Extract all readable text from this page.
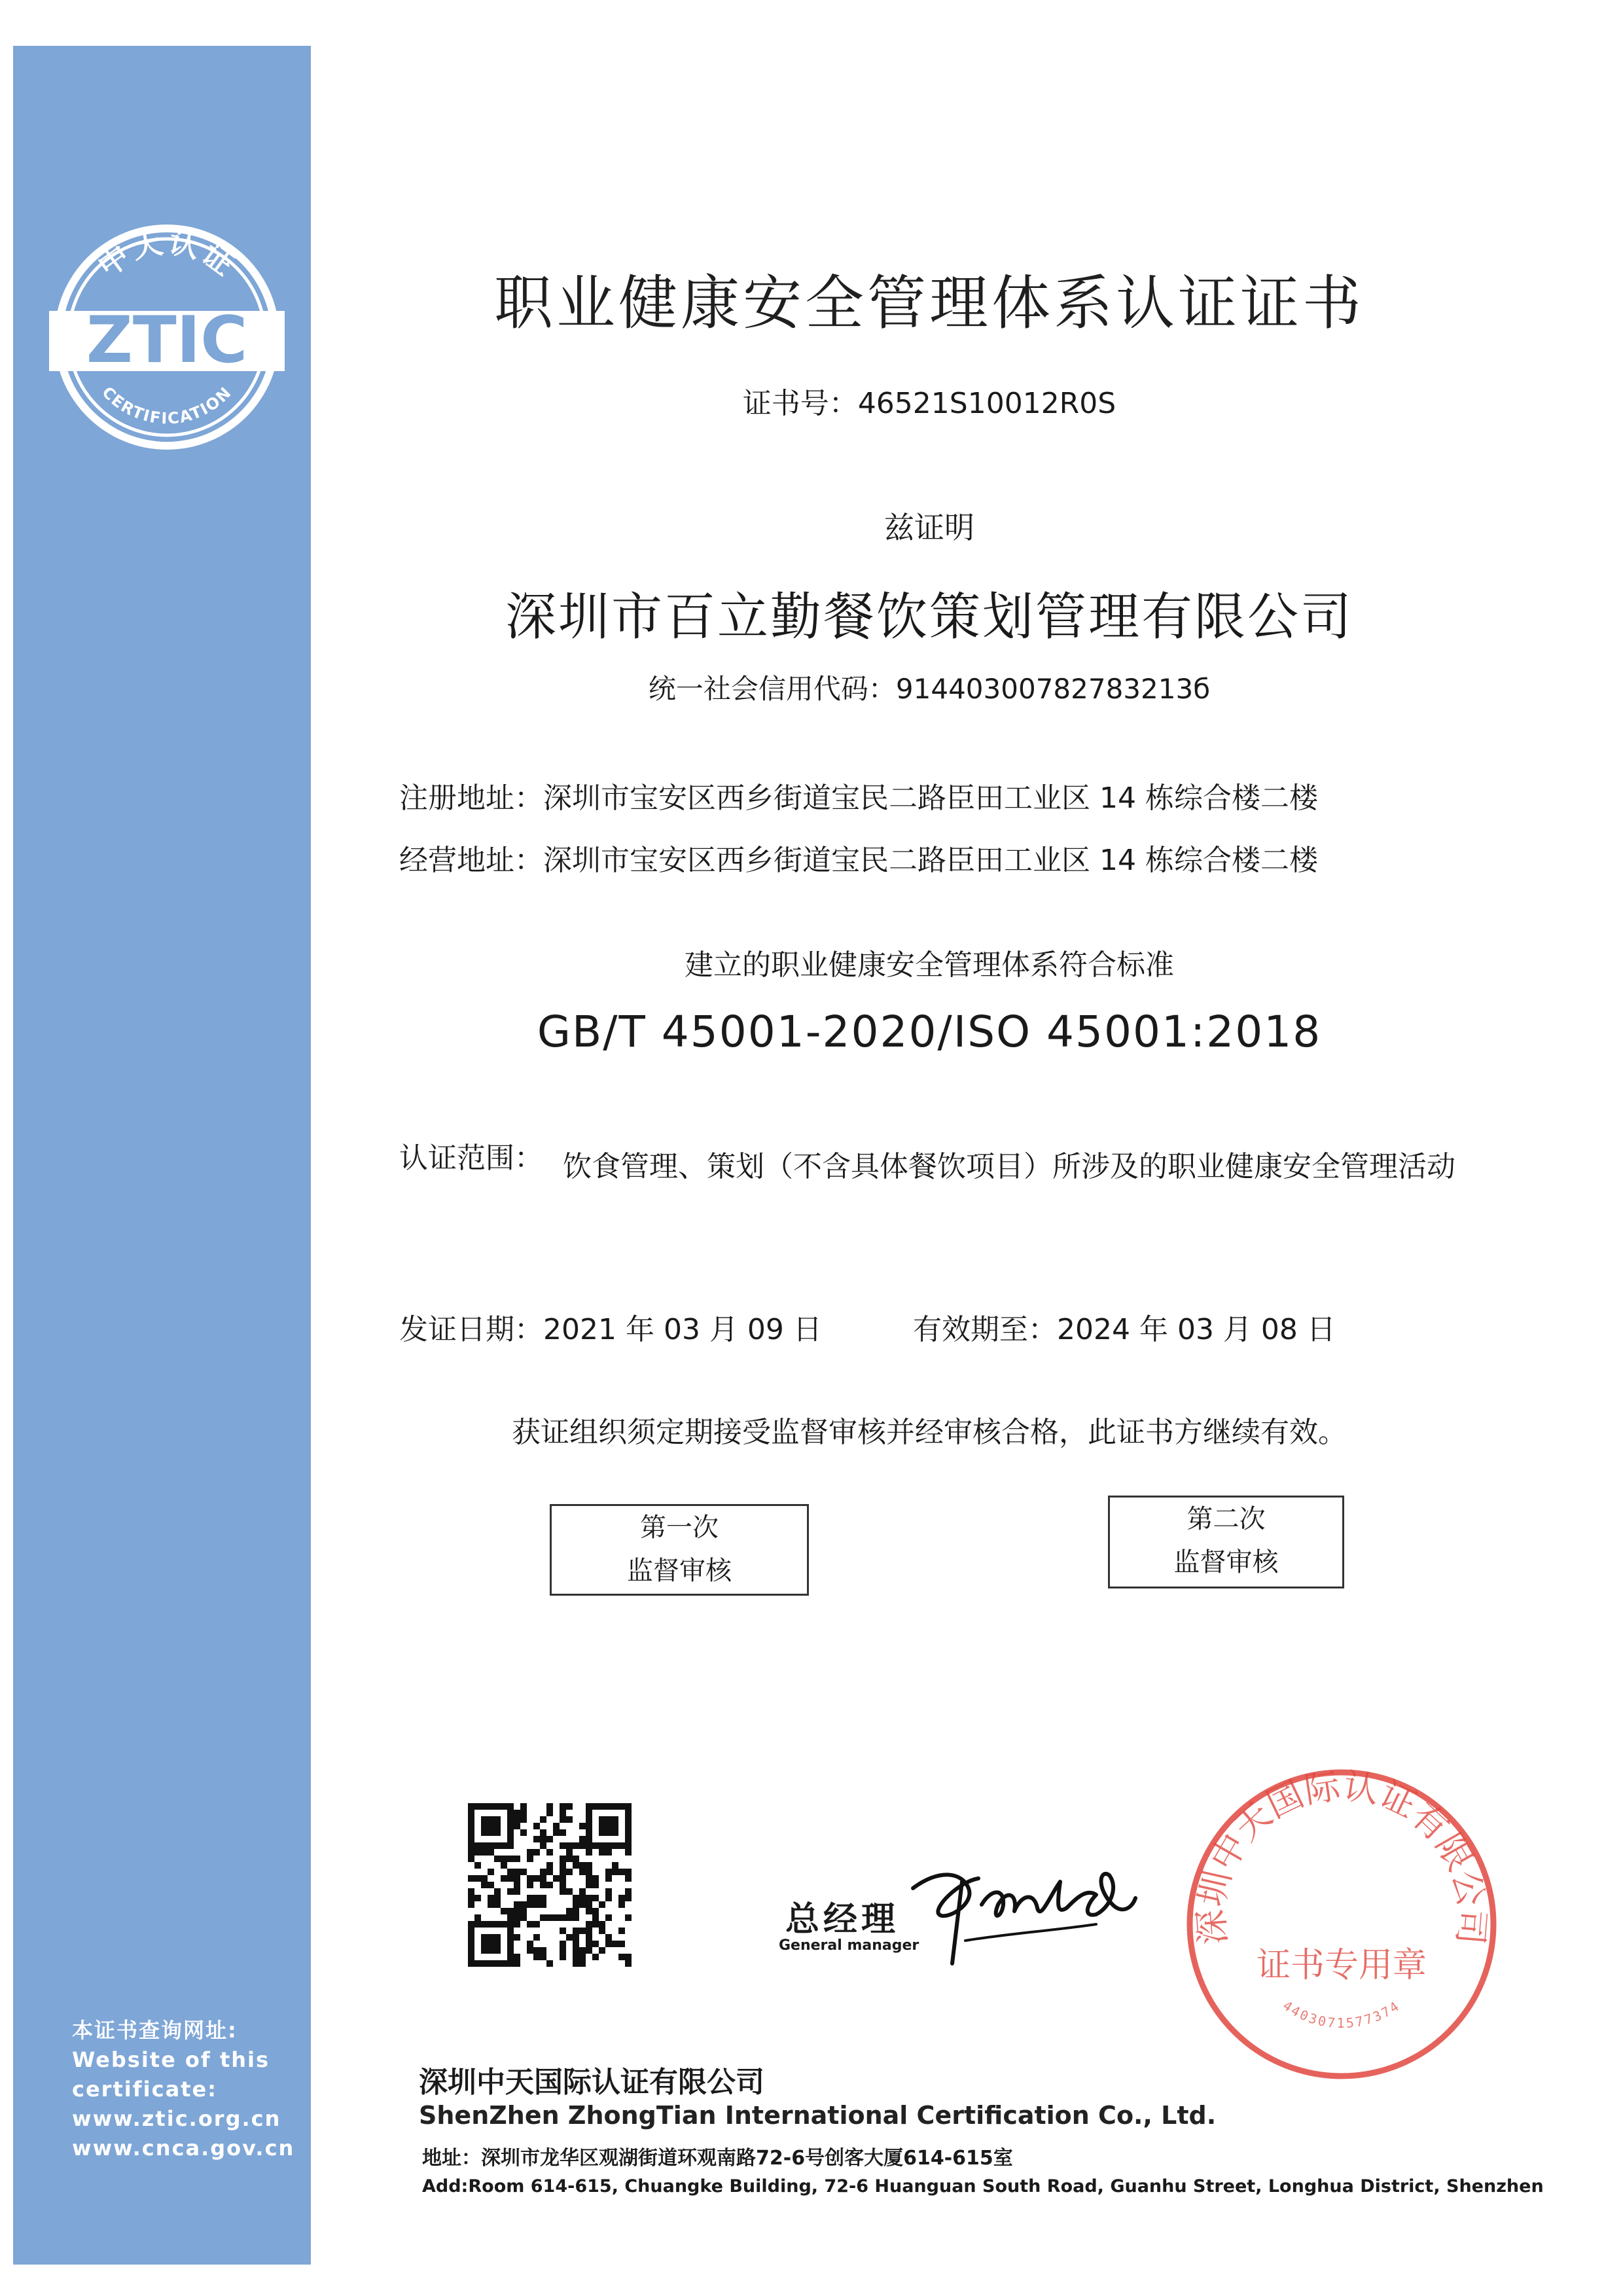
中天认证
ZTIC
CERTIFICATION
本证书查询网址:
Website of this
certificate:
www.ztic.org.cn
www.cnca.gov.cn
职业健康安全管理体系认证证书
证书号：46521S10012R0S
兹证明
深圳市百立勤餐饮策划管理有限公司
统一社会信用代码：91440300782783213б
注册地址：深圳市宝安区西乡街道宝民二路臣田工业区 14 栋综合楼二楼
经营地址：深圳市宝安区西乡街道宝民二路臣田工业区 14 栋综合楼二楼
建立的职业健康安全管理体系符合标准
GB/T 45001-2020/ISO 45001:2018
认证范围： 饮食管理、策划（不含具体餐饮项目）所涉及的职业健康安全管理活动
发证日期：2021 年 03 月 09 日	有效期至：2024 年 03 月 08 日
获证组织须定期接受监督审核并经审核合格，此证书方继续有效。
第一次
监督审核
第二次
监督审核
总经理
General manager	深圳中天国际认证有限公司
证书专用章
4403071577374
深圳中天国际认证有限公司
ShenZhen ZhongTian International Certification Co., Ltd.
地址：深圳市龙华区观湖街道环观南路72-6号创客大厦614-615室
Add:Room 614-615, Chuangke Building, 72-6 Huanguan South Road, Guanhu Street, Longhua District, Shenzhen
